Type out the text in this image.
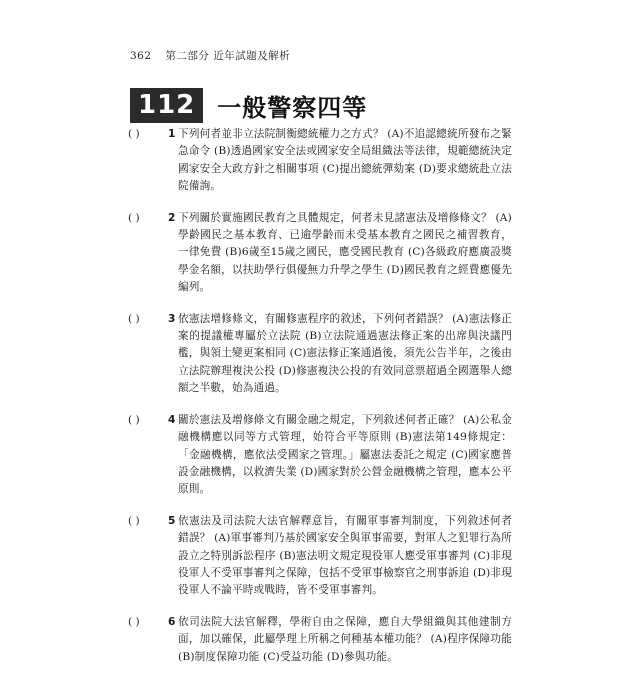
362 第二部分 近年試題及解析
112 一般警察四等
( )	1 下列何者並非立法院制衡總統權力之方式？ (A)不追認總統所發布之緊急命令 (B)透過國家安全法或國家安全局組織法等法律，規範總統決定國家安全大政方針之相關事項 (C)提出總統彈劾案 (D)要求總統赴立法院備詢。
( )	2 下列關於實施國民教育之具體規定，何者未見諸憲法及增修條文？ (A)學齡國民之基本教育、已逾學齡而未受基本教育之國民之補習教育，一律免費 (B)6歲至15歲之國民，應受國民教育 (C)各級政府應廣設獎學金名額，以扶助學行俱優無力升學之學生 (D)國民教育之經費應優先編列。
( )	3 依憲法增修條文，有關修憲程序的敘述，下列何者錯誤？ (A)憲法修正案的提議權專屬於立法院 (B)立法院通過憲法修正案的出席與決議門檻，與領土變更案相同 (C)憲法修正案通過後，須先公告半年，之後由立法院辦理複決公投 (D)修憲複決公投的有效同意票超過全國選舉人總額之半數，始為通過。
( )	4 關於憲法及增修條文有關金融之規定，下列敘述何者正確？ (A)公私金融機構應以同等方式管理，始符合平等原則 (B)憲法第149條規定：「金融機構，應依法受國家之管理。」屬憲法委託之規定 (C)國家應普設金融機構，以救濟失業 (D)國家對於公營金融機構之管理，應本公平原則。
( )	5 依憲法及司法院大法官解釋意旨，有關軍事審判制度，下列敘述何者錯誤？ (A)軍事審判乃基於國家安全與軍事需要，對軍人之犯罪行為所設立之特別訴訟程序 (B)憲法明文規定現役軍人應受軍事審判 (C)非現役軍人不受軍事審判之保障，包括不受軍事檢察官之刑事訴追 (D)非現役軍人不論平時或戰時，皆不受軍事審判。
( )	6 依司法院大法官解釋，學術自由之保障，應自大學組織與其他建制方面，加以確保，此屬學理上所稱之何種基本權功能？ (A)程序保障功能 (B)制度保障功能 (C)受益功能 (D)參與功能。
